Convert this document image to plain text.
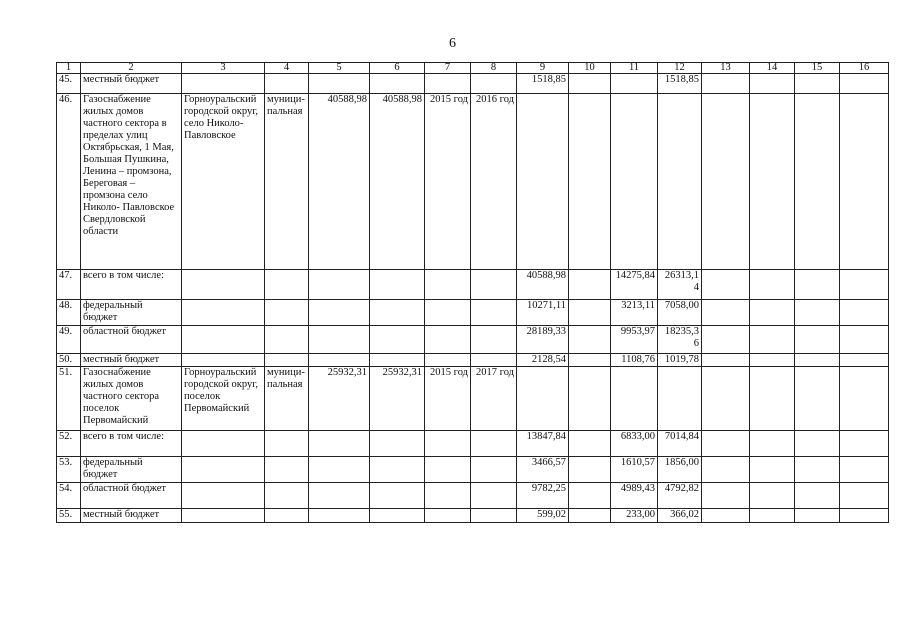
6
1	2	3	4	5	6	7	8	9	10	11	12	13	14	15	16
45.	местный бюджет							1518,85			1518,85				
46.	Газоснабжение жилых домов частного сектора в пределах улиц Октябрьская, 1 Мая, Большая Пушкина, Ленина – промзона, Береговая – промзона село Николо- Павловское Свердловской области	Горноуральский городской округ, село Николо- Павловское	муници- пальная	40588,98	40588,98	2015 год	2016 год								
47.	всего в том числе:							40588,98		14275,84	26313,14				
48.	федеральный бюджет							10271,11		3213,11	7058,00				
49.	областной бюджет							28189,33		9953,97	18235,36				
50.	местный бюджет							2128,54		1108,76	1019,78				
51.	Газоснабжение жилых домов частного сектора поселок Первомайский	Горноуральский городской округ, поселок Первомайский	муници- пальная	25932,31	25932,31	2015 год	2017 год								
52.	всего в том числе:							13847,84		6833,00	7014,84				
53.	федеральный бюджет							3466,57		1610,57	1856,00				
54.	областной бюджет							9782,25		4989,43	4792,82				
55.	местный бюджет							599,02		233,00	366,02				
